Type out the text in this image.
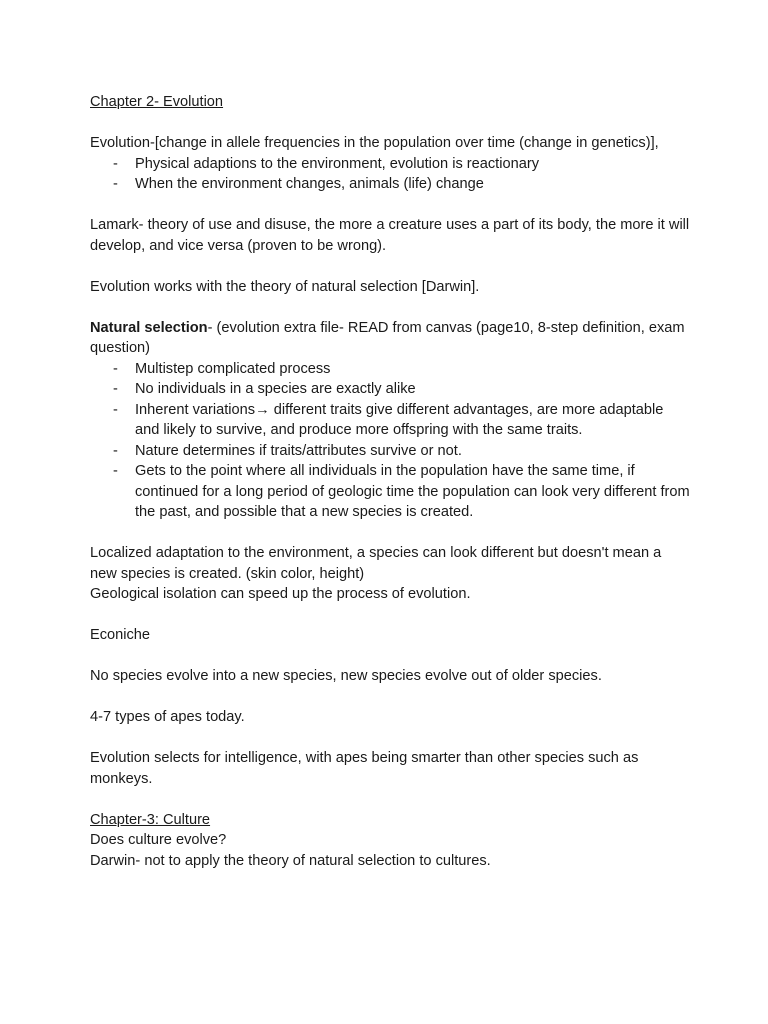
Chapter 2- Evolution

Evolution-[change in allele frequencies in the population over time (change in genetics)],

- Physical adaptions to the environment, evolution is reactionary
- When the environment changes, animals (life) change

Lamark- theory of use and disuse, the more a creature uses a part of its body, the more it will develop, and vice versa (proven to be wrong).

Evolution works with the theory of natural selection [Darwin].

Natural selection- (evolution extra file- READ from canvas (page10, 8-step definition, exam question)

- Multistep complicated process
- No individuals in a species are exactly alike
- Inherent variations→ different traits give different advantages, are more adaptable and likely to survive, and produce more offspring with the same traits.
- Nature determines if traits/attributes survive or not.
- Gets to the point where all individuals in the population have the same time, if continued for a long period of geologic time the population can look very different from the past, and possible that a new species is created.

Localized adaptation to the environment, a species can look different but doesn't mean a new species is created. (skin color, height)

Geological isolation can speed up the process of evolution.

Econiche

No species evolve into a new species, new species evolve out of older species.

4-7 types of apes today.

Evolution selects for intelligence, with apes being smarter than other species such as monkeys.

Chapter-3: Culture

Does culture evolve?

Darwin- not to apply the theory of natural selection to cultures.
